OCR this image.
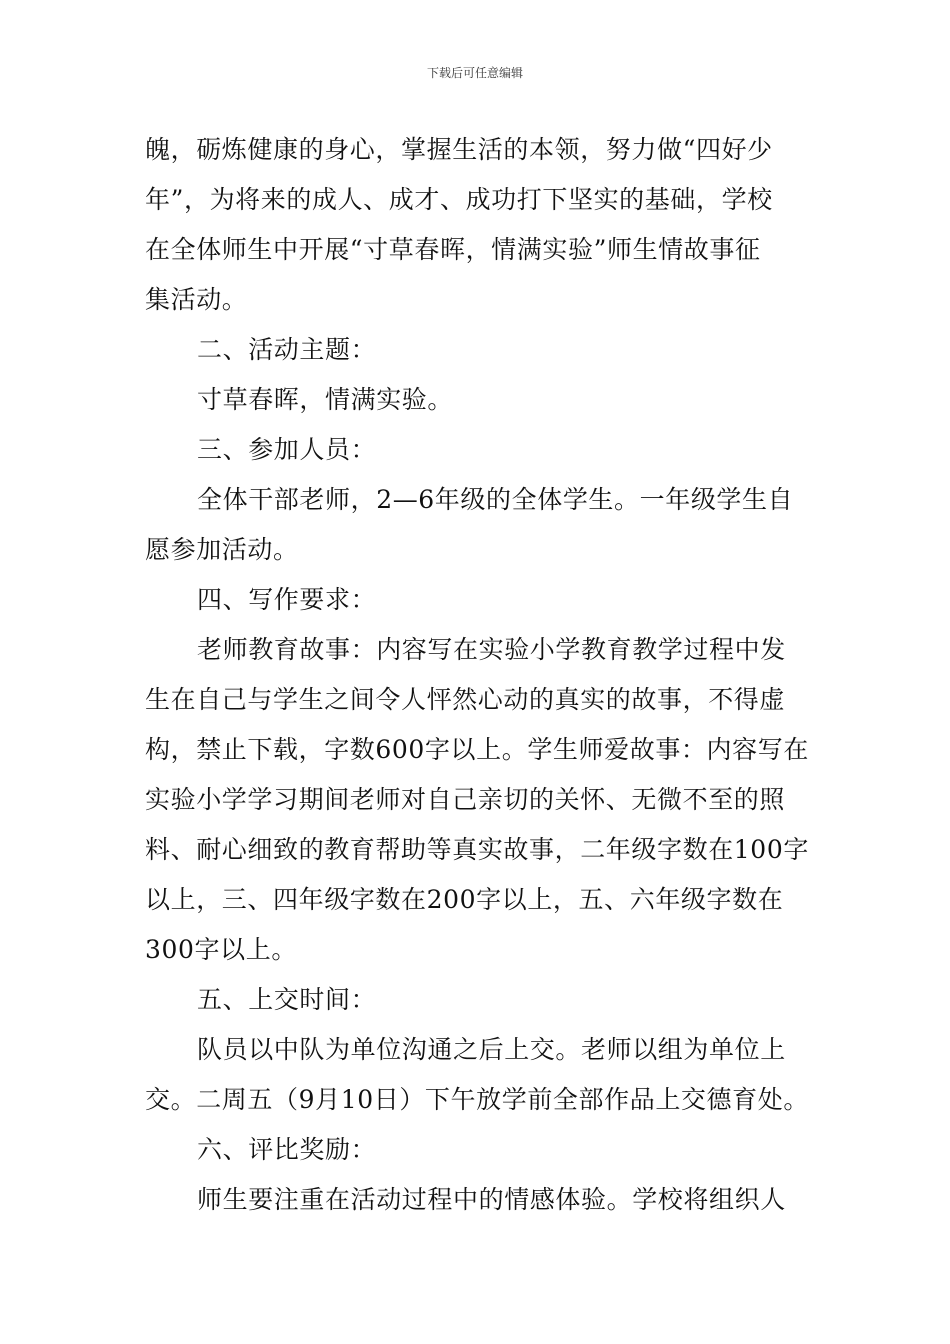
下载后可任意编辑
魄，砺炼健康的身心，掌握生活的本领，努力做“四好少
年”，为将来的成人、成才、成功打下坚实的基础，学校
在全体师生中开展“寸草春晖，情满实验”师生情故事征
集活动。
二、活动主题：
寸草春晖，情满实验。
三、参加人员：
全体干部老师，2—6年级的全体学生。一年级学生自
愿参加活动。
四、写作要求：
老师教育故事：内容写在实验小学教育教学过程中发
生在自己与学生之间令人怦然心动的真实的故事，不得虚
构，禁止下载，字数600字以上。学生师爱故事：内容写在
实验小学学习期间老师对自己亲切的关怀、无微不至的照
料、耐心细致的教育帮助等真实故事，二年级字数在100字
以上，三、四年级字数在200字以上，五、六年级字数在
300字以上。
五、上交时间：
队员以中队为单位沟通之后上交。老师以组为单位上
交。二周五（9月10日）下午放学前全部作品上交德育处。
六、评比奖励：
师生要注重在活动过程中的情感体验。学校将组织人
